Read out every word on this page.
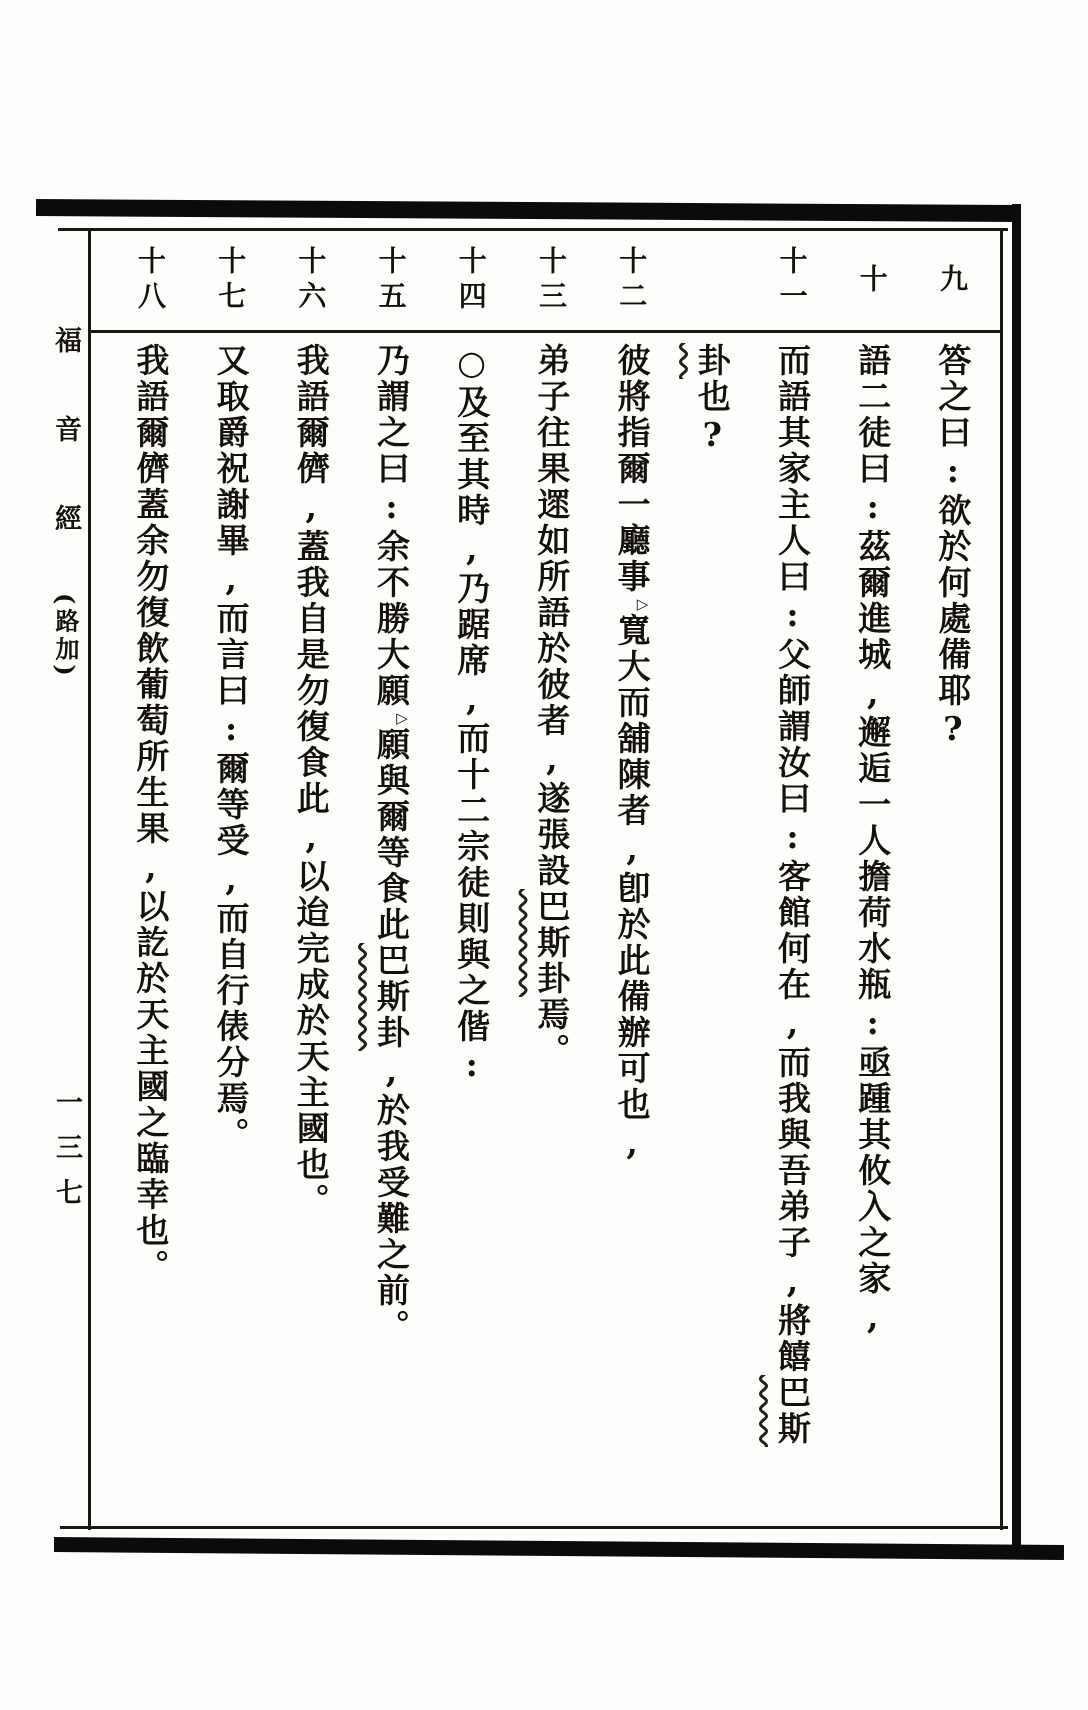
九
答之曰:欲於何處備耶?
十
語二徒曰:茲爾進城,邂逅一人擔荷水瓶:亟踵其攸入之家,
十一
而語其家主人曰:父師謂汝曰:客館何在,而我與吾弟子,將饎巴斯
卦也?
十二
彼將指爾一廳事▷寬大而舖陳者,卽於此備辦可也,
十三
弟子往果遝如所語於彼者,遂張設巴斯卦焉。
十四
○及至其時,乃踞席,而十二宗徒則與之偕:
十五
乃謂之曰:余不勝大願▷願與爾等食此巴斯卦,於我受難之前。
十六
我語爾儕,蓋我自是勿復食此,以迨完成於天主國也。
十七
又取爵祝謝畢,而言曰:爾等受,而自行俵分焉。
十八
我語爾儕蓋余勿復飲葡萄所生果,以訖於天主國之臨幸也。
福音經(路加)
一三七
